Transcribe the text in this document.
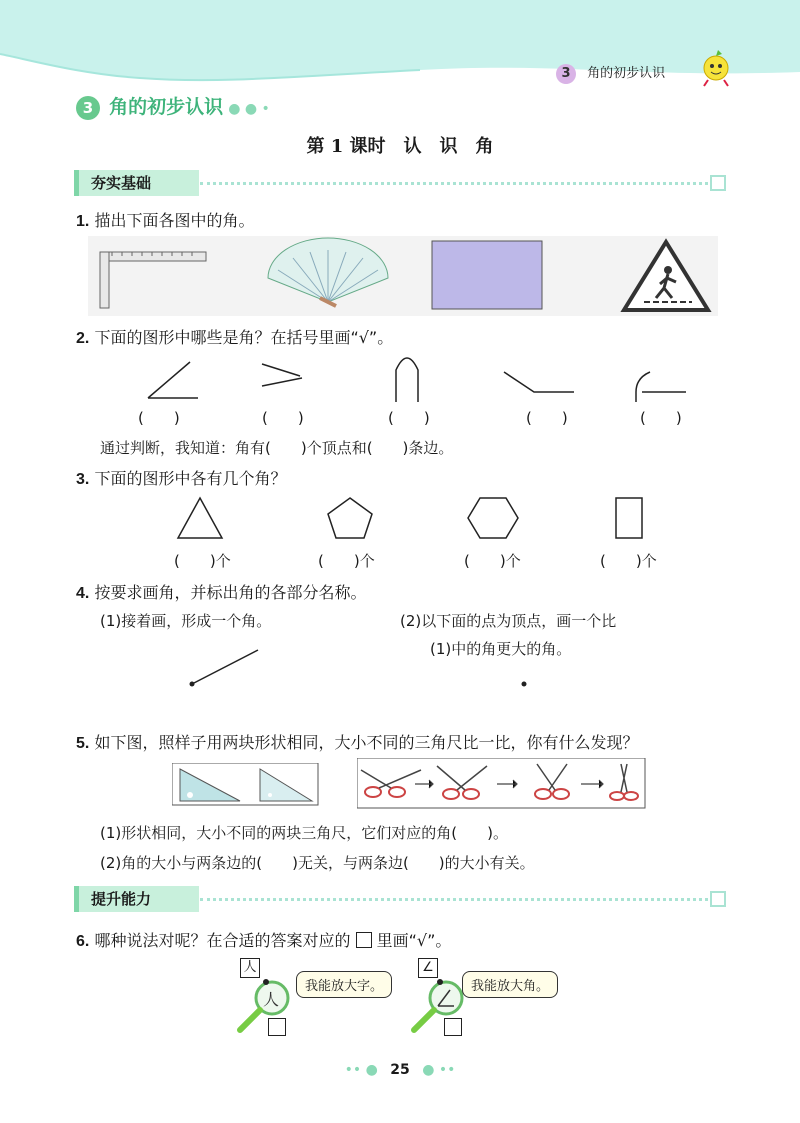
3 角的初步认识
3 角的初步认识 ● ● •
第 1 课时　认　识　角
夯实基础
1. 描出下面各图中的角。
2. 下面的图形中哪些是角？在括号里画“√”。
(　　)	(　　)	(　　)	(　　)	(　　)
通过判断，我知道：角有(　　)个顶点和(　　)条边。
3. 下面的图形中各有几个角？
(　　)个	(　　)个	(　　)个	(　　)个
4. 按要求画角，并标出角的各部分名称。
(1)接着画，形成一个角。	(2)以下面的点为顶点，画一个比
(1)中的角更大的角。
5. 如下图，照样子用两块形状相同，大小不同的三角尺比一比，你有什么发现？
(1)形状相同，大小不同的两块三角尺，它们对应的角(　　)。
(2)角的大小与两条边的(　　)无关，与两条边(　　)的大小有关。
提升能力
6. 哪种说法对呢？在合适的答案对应的 里画“√”。
人
人
我能放大字。
∠
我能放大角。
•• ● 25 ● ••
